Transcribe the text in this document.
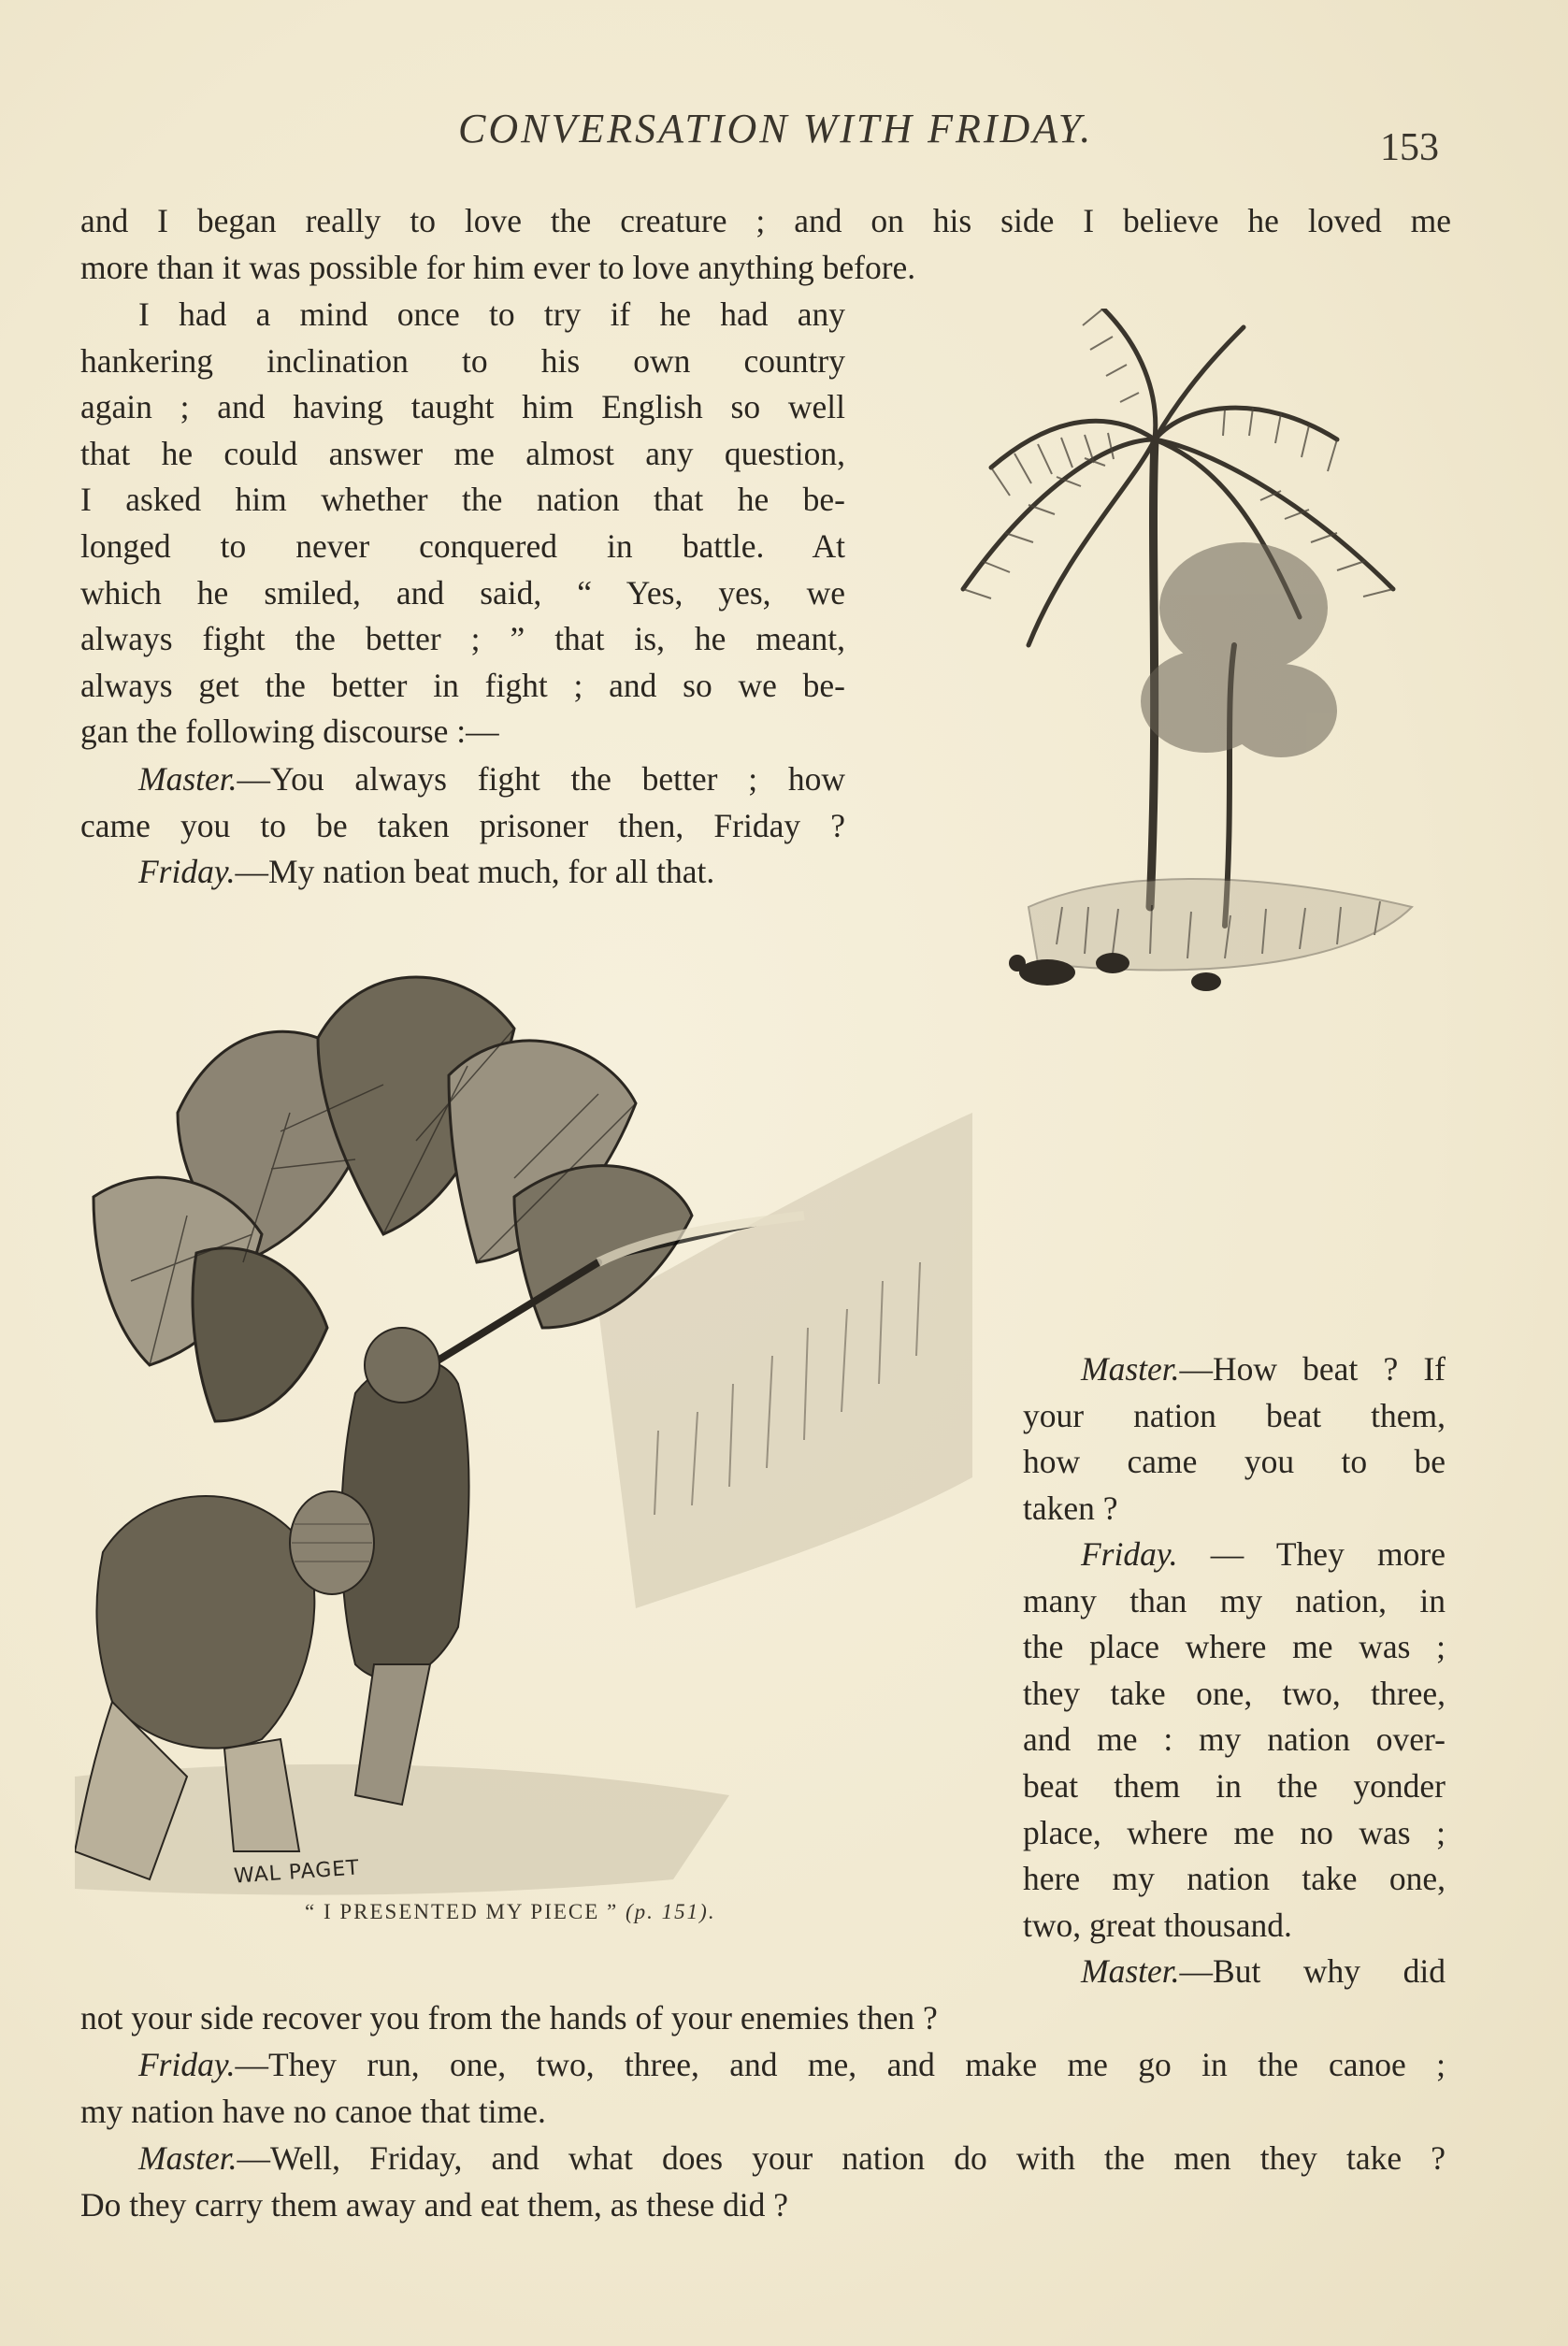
CONVERSATION WITH FRIDAY.	153
and I began really to love the creature ; and on his side I believe he loved me
more than it was possible for him ever to love anything before.
I had a mind once to try if he had any
hankering inclination to his own country
again ; and having taught him English so well
that he could answer me almost any question,
I asked him whether the nation that he be-
longed to never conquered in battle. At
which he smiled, and said, “ Yes, yes, we
always fight the better ; ” that is, he meant,
always get the better in fight ; and so we be-
gan the following discourse :—
Master.—You always fight the better ; how
came you to be taken prisoner then, Friday ?
Friday.—My nation beat much, for all that.
WAL PAGET
“ I PRESENTED MY PIECE ” (p. 151).
Master.—How beat ? If
your nation beat them,
how came you to be
taken ?
Friday. — They more
many than my nation, in
the place where me was ;
they take one, two, three,
and me : my nation over-
beat them in the yonder
place, where me no was ;
here my nation take one,
two, great thousand.
Master.—But why did
not your side recover you from the hands of your enemies then ?
Friday.—They run, one, two, three, and me, and make me go in the canoe ;
my nation have no canoe that time.
Master.—Well, Friday, and what does your nation do with the men they take ?
Do they carry them away and eat them, as these did ?
